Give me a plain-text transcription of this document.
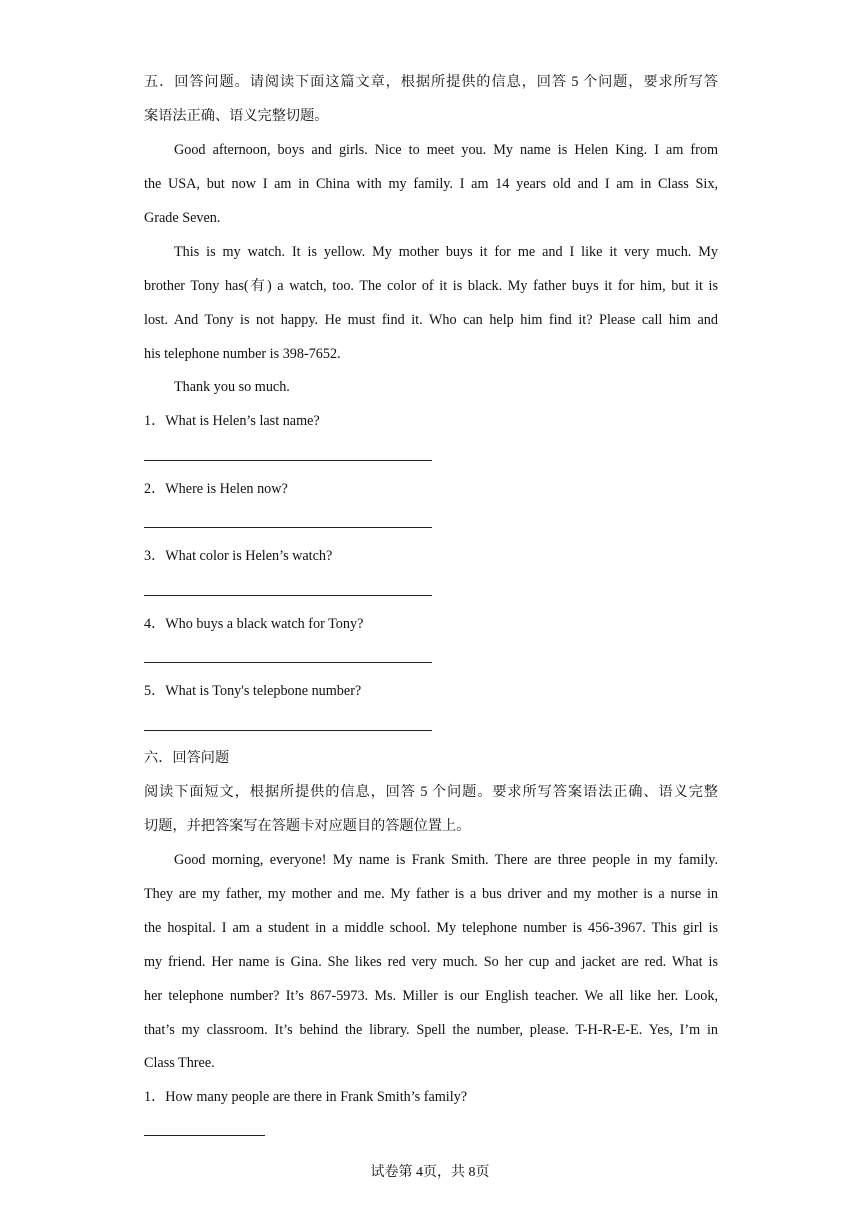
五．回答问题。请阅读下面这篇文章，根据所提供的信息，回答 5 个问题，要求所写答
案语法正确、语义完整切题。
Good afternoon, boys and girls. Nice to meet you. My name is Helen King. I am from
the USA, but now I am in China with my family. I am 14 years old and I am in Class Six,
Grade Seven.
This is my watch. It is yellow. My mother buys it for me and I like it very much. My
brother Tony has(有) a watch, too. The color of it is black. My father buys it for him, but it is
lost. And Tony is not happy. He must find it. Who can help him find it? Please call him and
his telephone number is 398-7652.
Thank you so much.
1．What is Helen’s last name?
2．Where is Helen now?
3．What color is Helen’s watch?
4．Who buys a black watch for Tony?
5．What is Tony's telepbone number?
六．回答问题
阅读下面短文，根据所提供的信息，回答 5 个问题。要求所写答案语法正确、语义完整
切题，并把答案写在答题卡对应题目的答题位置上。
Good morning, everyone! My name is Frank Smith. There are three people in my family.
They are my father, my mother and me. My father is a bus driver and my mother is a nurse in
the hospital. I am a student in a middle school. My telephone number is 456-3967. This girl is
my friend. Her name is Gina. She likes red very much. So her cup and jacket are red. What is
her telephone number? It’s 867-5973. Ms. Miller is our English teacher. We all like her. Look,
that’s my classroom. It’s behind the library. Spell the number, please. T-H-R-E-E. Yes, I’m in
Class Three.
1．How many people are there in Frank Smith’s family?
试卷第 4页，共 8页
